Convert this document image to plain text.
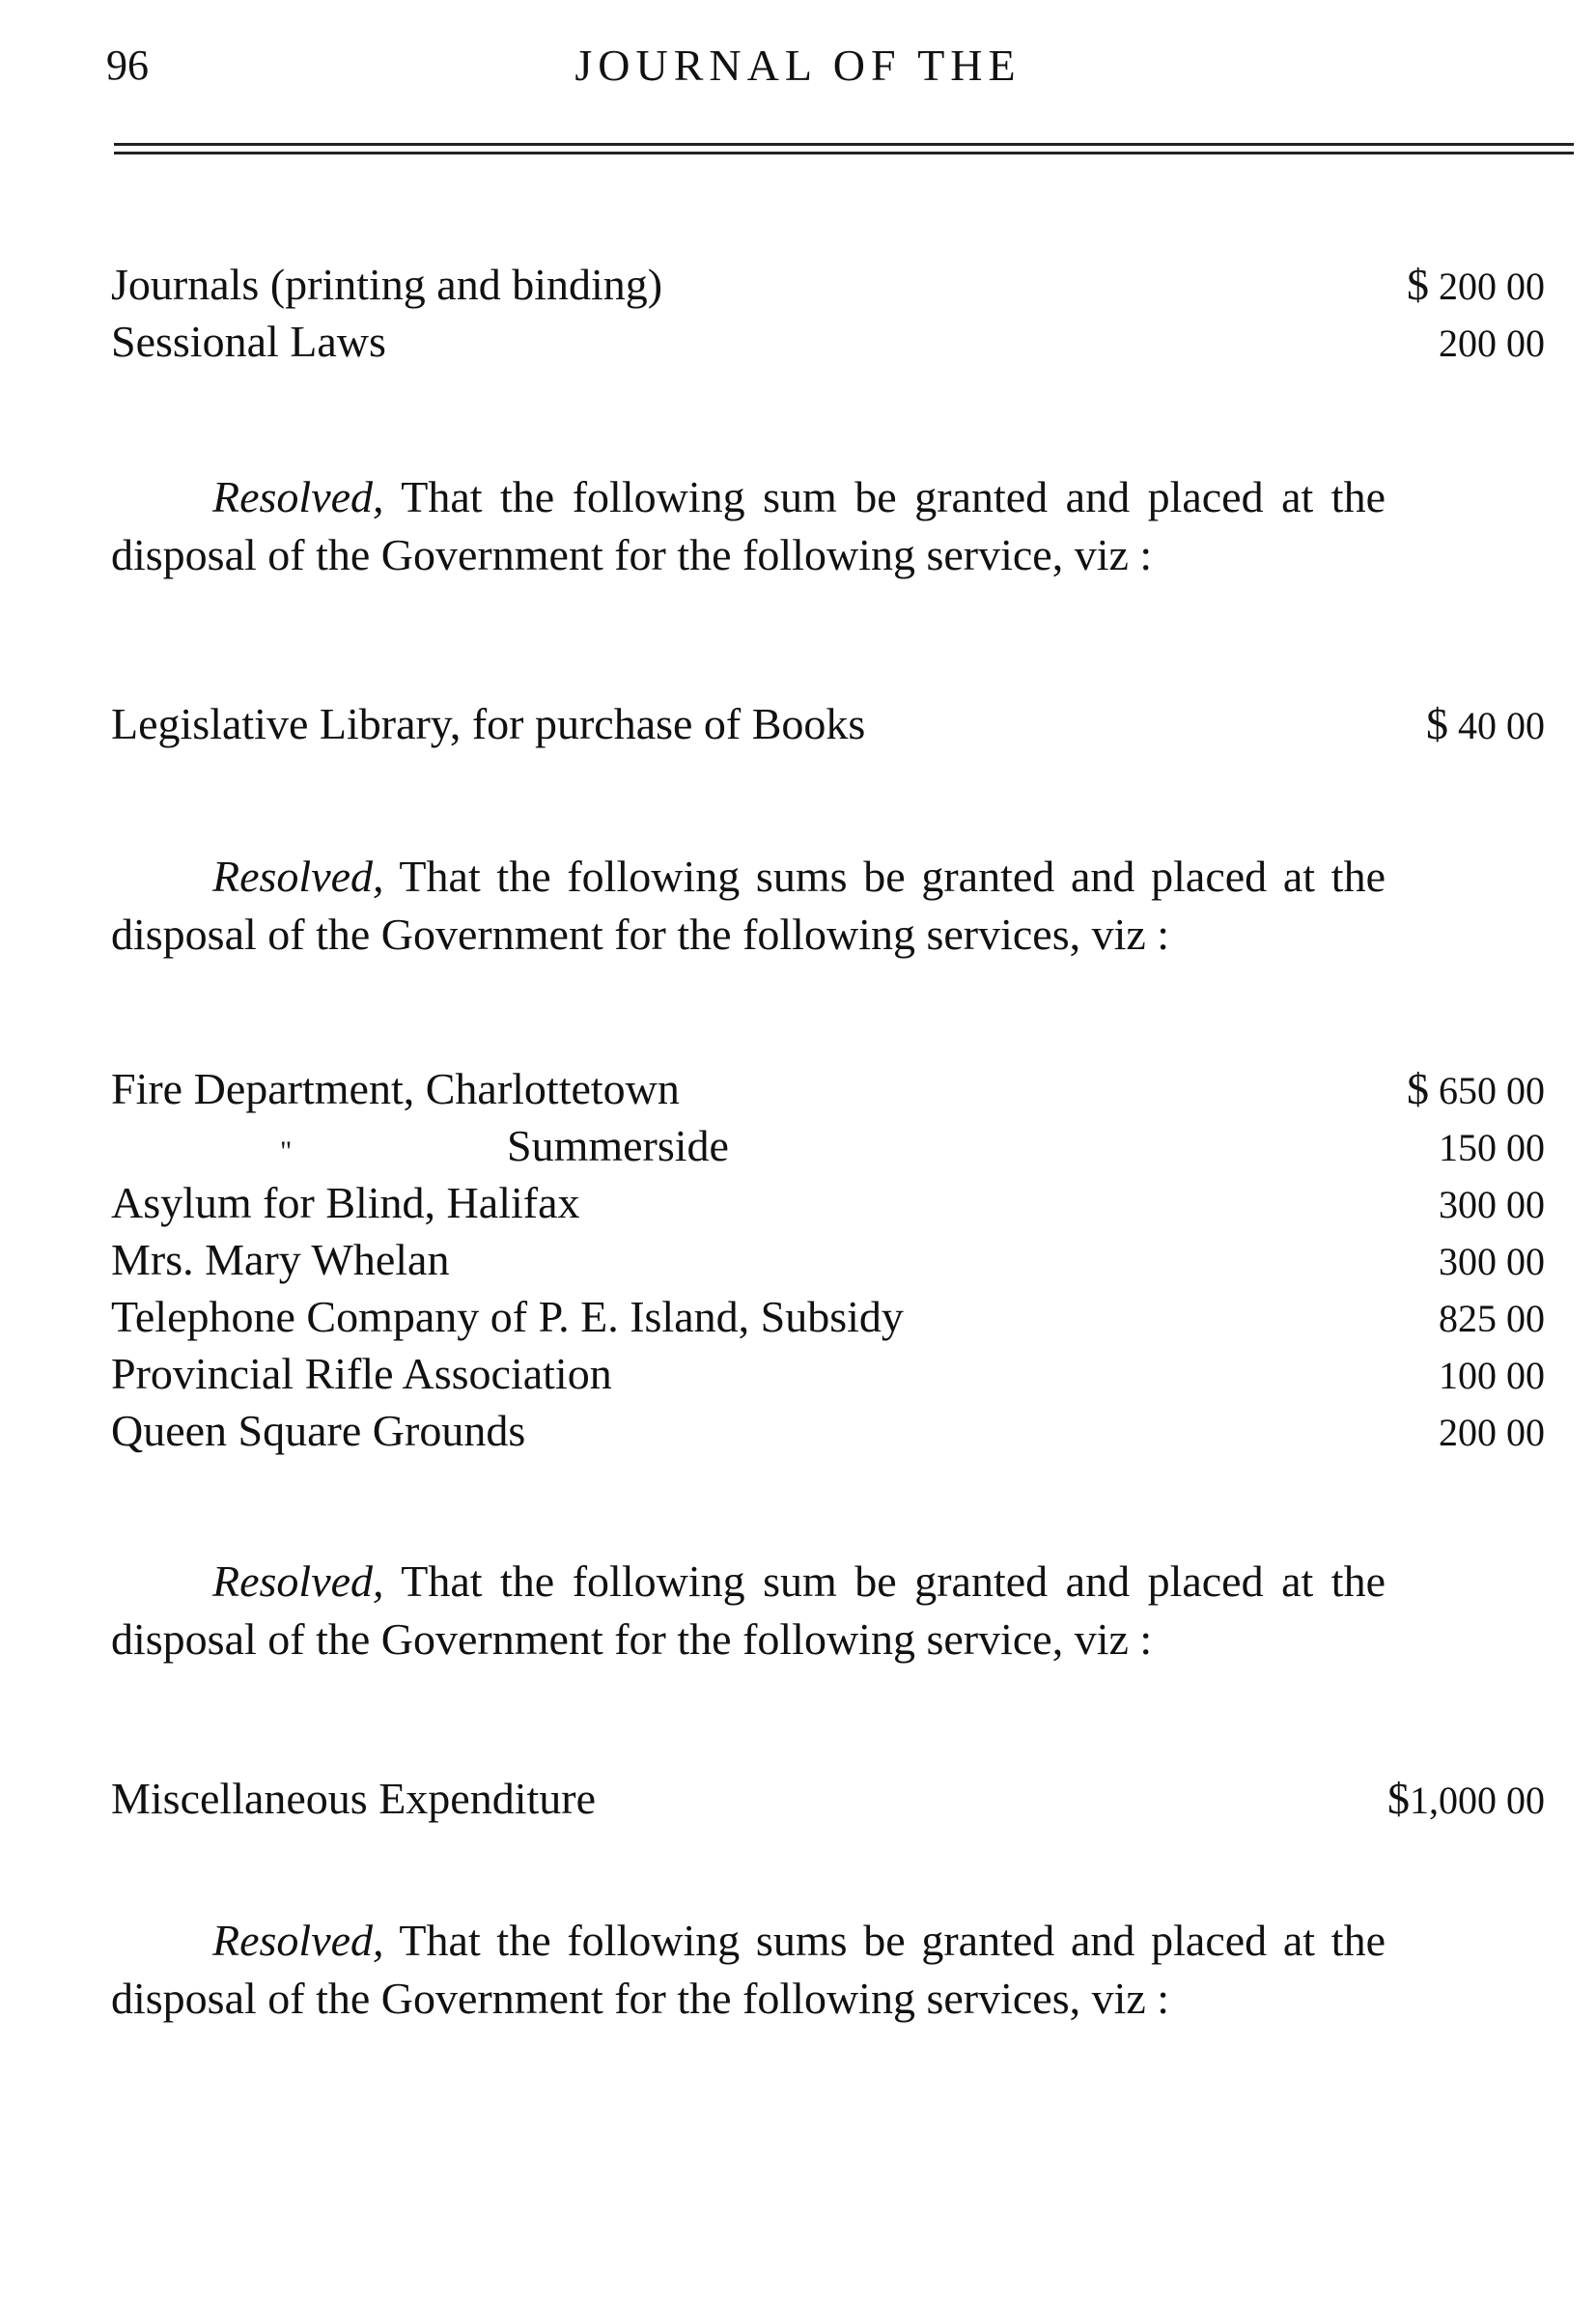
96	JOURNAL OF THE
Journals (printing and binding)	$ 200 00
Sessional Laws	200 00
Resolved, That the following sum be granted and placed at the disposal of the Government for the following service, viz :
Legislative Library, for purchase of Books	$ 40 00
Resolved, That the following sums be granted and placed at the disposal of the Government for the following services, viz :
Fire Department, Charlottetown	$ 650 00
"	Summerside	150 00
Asylum for Blind, Halifax	300 00
Mrs. Mary Whelan	300 00
Telephone Company of P. E. Island, Subsidy	825 00
Provincial Rifle Association	100 00
Queen Square Grounds	200 00
Resolved, That the following sum be granted and placed at the disposal of the Government for the following service, viz :
Miscellaneous Expenditure	$1,000 00
Resolved, That the following sums be granted and placed at the disposal of the Government for the following services, viz :
